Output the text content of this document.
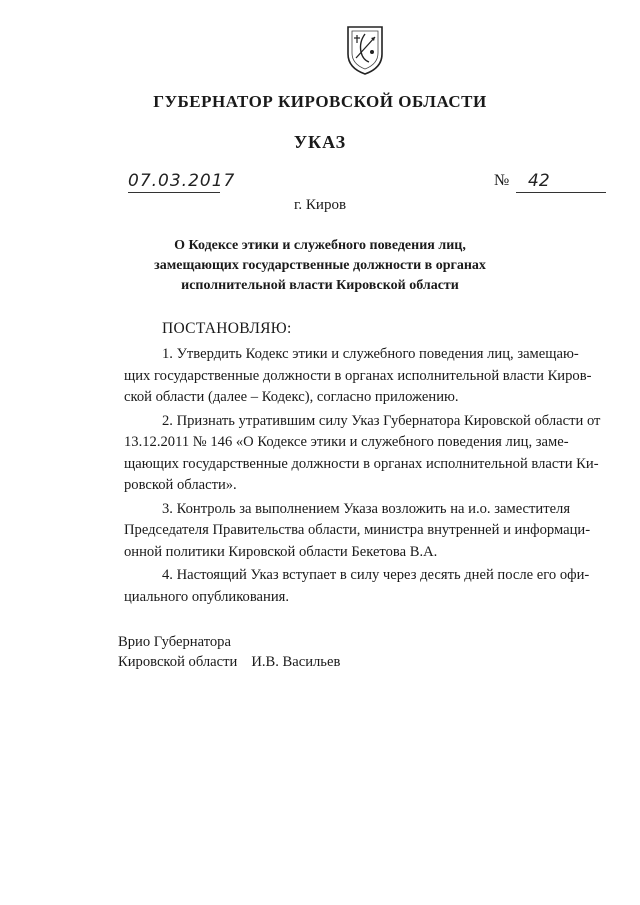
ГУБЕРНАТОР КИРОВСКОЙ ОБЛАСТИ
УКАЗ
07.03.2017	№	42
г. Киров
О Кодексе этики и служебного поведения лиц,
замещающих государственные должности в органах
исполнительной власти Кировской области
ПОСТАНОВЛЯЮ:

1. Утвердить Кодекс этики и служебного поведения лиц, замещаю-
щих государственные должности в органах исполнительной власти Киров-
ской области (далее – Кодекс), согласно приложению.

2. Признать утратившим силу Указ Губернатора Кировской области от
13.12.2011 № 146 «О Кодексе этики и служебного поведения лиц, заме-
щающих государственные должности в органах исполнительной власти Ки-
ровской области».

3. Контроль за выполнением Указа возложить на и.о. заместителя
Председателя Правительства области, министра внутренней и информаци-
онной политики Кировской области Бекетова В.А.

4. Настоящий Указ вступает в силу через десять дней после его офи-
циального опубликования.

Врио Губернатора
Кировской области И.В. Васильев
